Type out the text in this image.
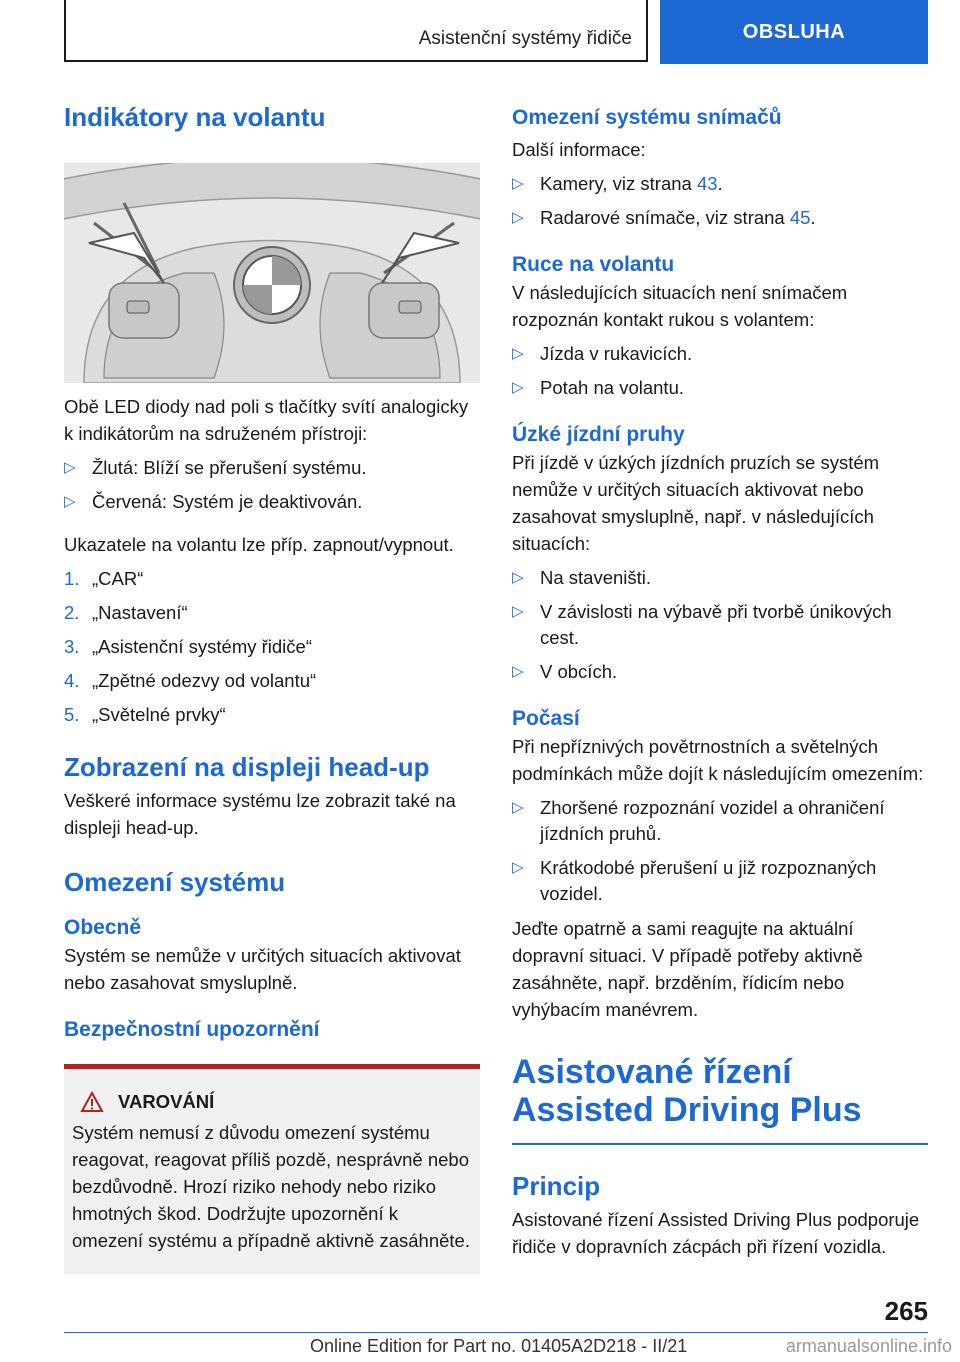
Asistenční systémy řidiče	OBSLUHA
Indikátory na volantu

Obě LED diody nad poli s tlačítky svítí analogicky k indikátorům na sdruženém přístroji:

▷ Žlutá: Blíží se přerušení systému.
▷ Červená: Systém je deaktivován.

Ukazatele na volantu lze příp. zapnout/vypnout.

1. „CAR“
2. „Nastavení“
3. „Asistenční systémy řidiče“
4. „Zpětné odezvy od volantu“
5. „Světelné prvky“
Zobrazení na displeji head-up

Veškeré informace systému lze zobrazit také na displeji head-up.

Omezení systému
Obecně

Systém se nemůže v určitých situacích aktivovat nebo zasahovat smysluplně.

Bezpečnostní upozornění
VAROVÁNÍ

Systém nemusí z důvodu omezení systému reagovat, reagovat příliš pozdě, nesprávně nebo bezdůvodně. Hrozí riziko nehody nebo riziko hmotných škod. Dodržujte upozornění k omezení systému a případně aktivně zasáhněte.

Omezení systému snímačů

Další informace:

▷ Kamery, viz strana 43.
▷ Radarové snímače, viz strana 45.
Ruce na volantu

V následujících situacích není snímačem rozpoznán kontakt rukou s volantem:

▷ Jízda v rukavicích.
▷ Potah na volantu.
Úzké jízdní pruhy

Při jízdě v úzkých jízdních pruzích se systém nemůže v určitých situacích aktivovat nebo zasahovat smysluplně, např. v následujících situacích:

▷ Na staveništi.
▷ V závislosti na výbavě při tvorbě únikových cest.
▷ V obcích.
Počasí

Při nepříznivých povětrnostních a světelných podmínkách může dojít k následujícím omezením:

▷ Zhoršené rozpoznání vozidel a ohraničení jízdních pruhů.
▷ Krátkodobé přerušení u již rozpoznaných vozidel.

Jeďte opatrně a sami reagujte na aktuální dopravní situaci. V případě potřeby aktivně zasáhněte, např. brzděním, řídicím nebo vyhýbacím manévrem.

Asistované řízení Assisted Driving Plus
Princip

Asistované řízení Assisted Driving Plus podporuje řidiče v dopravních zácpách při řízení vozidla.

265
Online Edition for Part no. 01405A2D218 - II/21	armanualsonline.info
